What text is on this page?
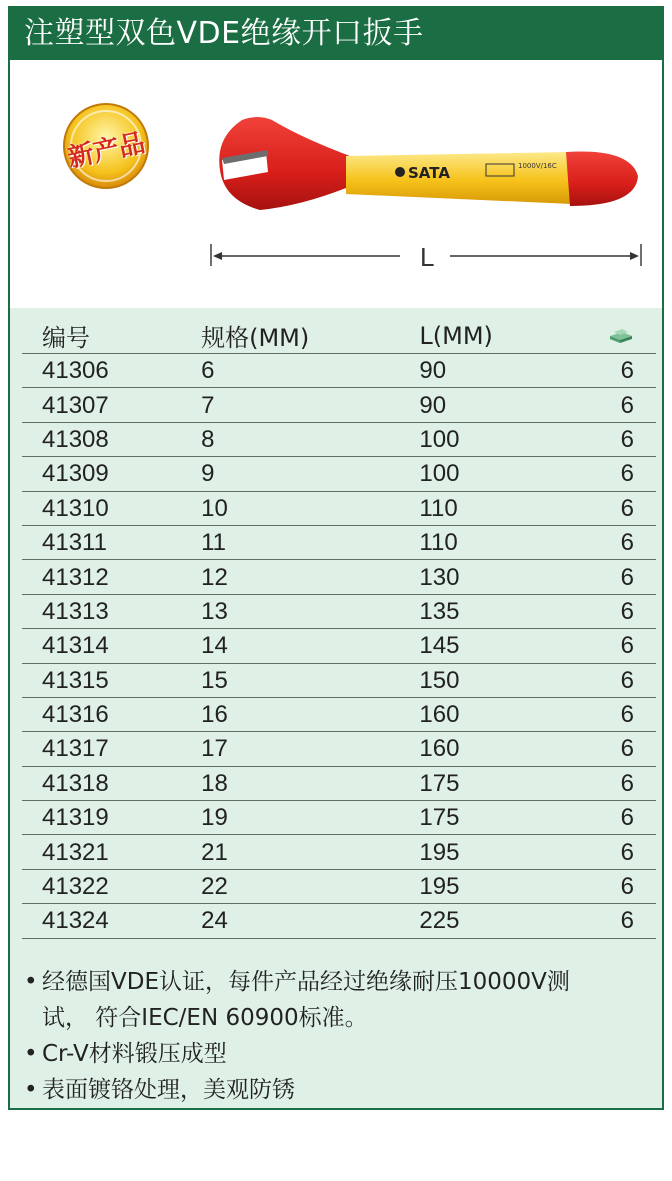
注塑型双色VDE绝缘开口扳手
SATA	1000V/16C
L
新产品
编号	规格(MM)	L(MM)	
41306	6	90	6
41307	7	90	6
41308	8	100	6
41309	9	100	6
41310	10	110	6
41311	11	110	6
41312	12	130	6
41313	13	135	6
41314	14	145	6
41315	15	150	6
41316	16	160	6
41317	17	160	6
41318	18	175	6
41319	19	175	6
41321	21	195	6
41322	22	195	6
41324	24	225	6
• 经德国VDE认证，每件产品经过绝缘耐压10000V测
试， 符合IEC/EN 60900标准。
• Cr-V材料锻压成型
• 表面镀铬处理，美观防锈
